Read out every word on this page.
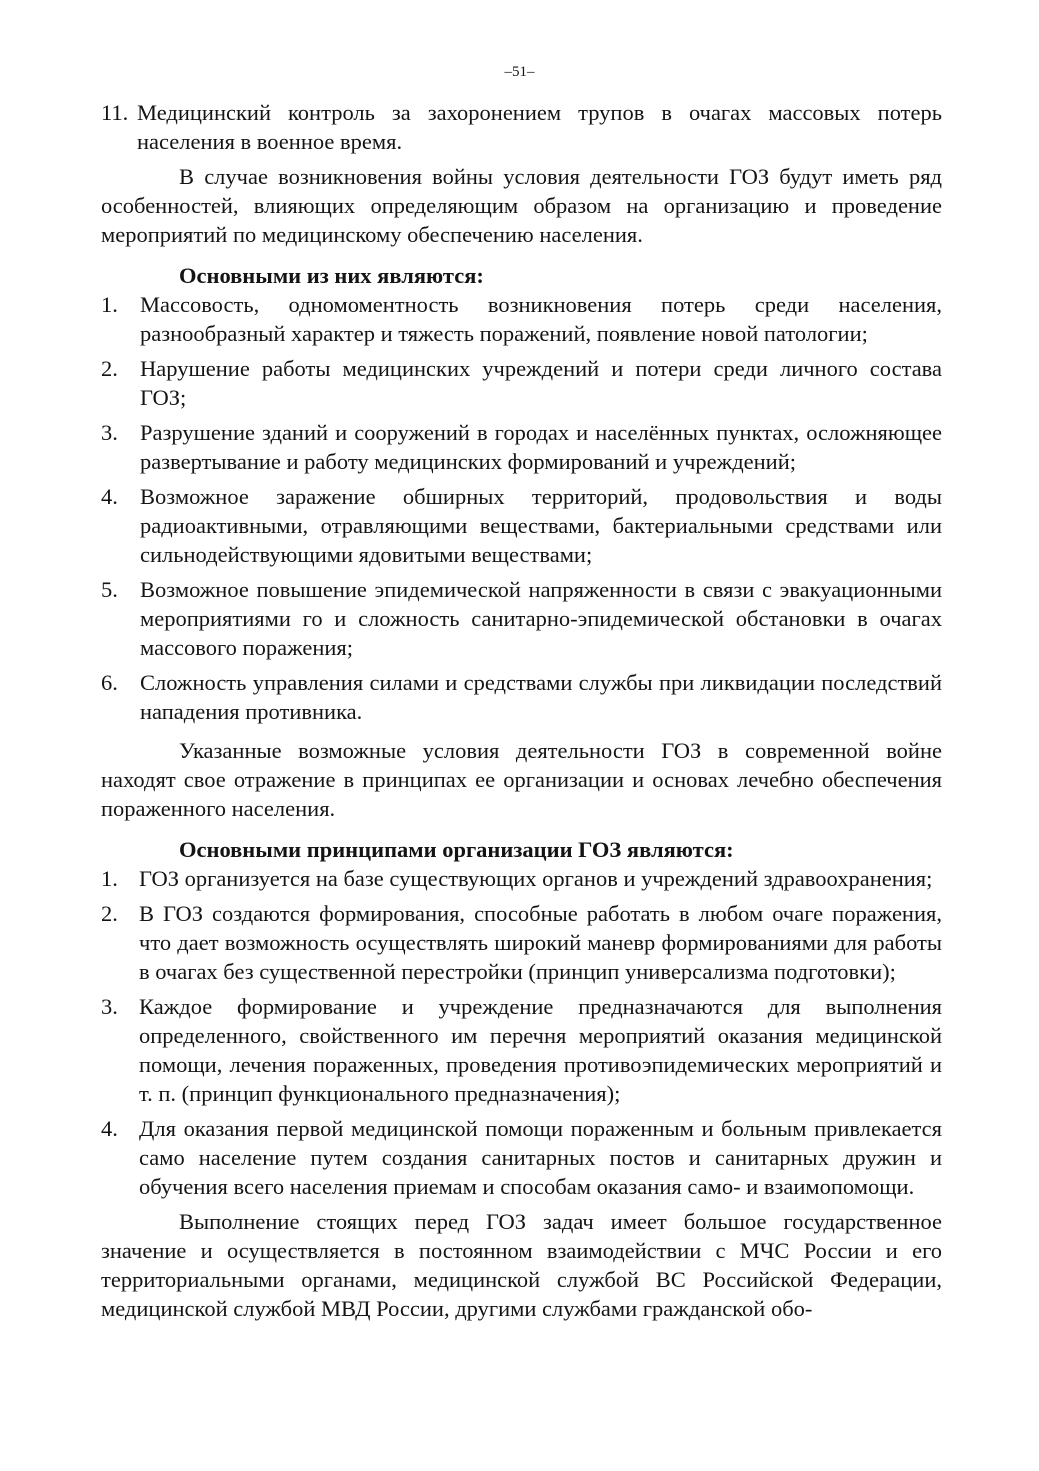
–51–
11. Медицинский контроль за захоронением трупов в очагах массовых потерь населения в военное время.

В случае возникновения войны условия деятельности ГОЗ будут иметь ряд особенностей, влияющих определяющим образом на организацию и проведение мероприятий по медицинскому обеспечению населения.

Основными из них являются:

1. Массовость, одномоментность возникновения потерь среди населения, разнообразный характер и тяжесть поражений, появление новой патологии;
2. Нарушение работы медицинских учреждений и потери среди личного состава ГОЗ;
3. Разрушение зданий и сооружений в городах и населённых пунктах, осложняющее развертывание и работу медицинских формирований и учреждений;
4. Возможное заражение обширных территорий, продовольствия и воды радиоактивными, отравляющими веществами, бактериальными средствами или сильнодействующими ядовитыми веществами;
5. Возможное повышение эпидемической напряженности в связи с эвакуационными мероприятиями го и сложность санитарно-эпидемической обстановки в очагах массового поражения;
6. Сложность управления силами и средствами службы при ликвидации последствий нападения противника.

Указанные возможные условия деятельности ГОЗ в современной войне находят свое отражение в принципах ее организации и основах лечебно обеспечения пораженного населения.

Основными принципами организации ГОЗ являются:

1. ГОЗ организуется на базе существующих органов и учреждений здравоохранения;
2. В ГОЗ создаются формирования, способные работать в любом очаге поражения, что дает возможность осуществлять широкий маневр формированиями для работы в очагах без существенной перестройки (принцип универсализма подготовки);
3. Каждое формирование и учреждение предназначаются для выполнения определенного, свойственного им перечня мероприятий оказания медицинской помощи, лечения пораженных, проведения противоэпидемических мероприятий и т. п. (принцип функционального предназначения);
4. Для оказания первой медицинской помощи пораженным и больным привлекается само население путем создания санитарных постов и санитарных дружин и обучения всего населения приемам и способам оказания само- и взаимопомощи.

Выполнение стоящих перед ГОЗ задач имеет большое государственное значение и осуществляется в постоянном взаимодействии с МЧС России и его территориальными органами, медицинской службой ВС Российской Федерации, медицинской службой МВД России, другими службами гражданской обо-
